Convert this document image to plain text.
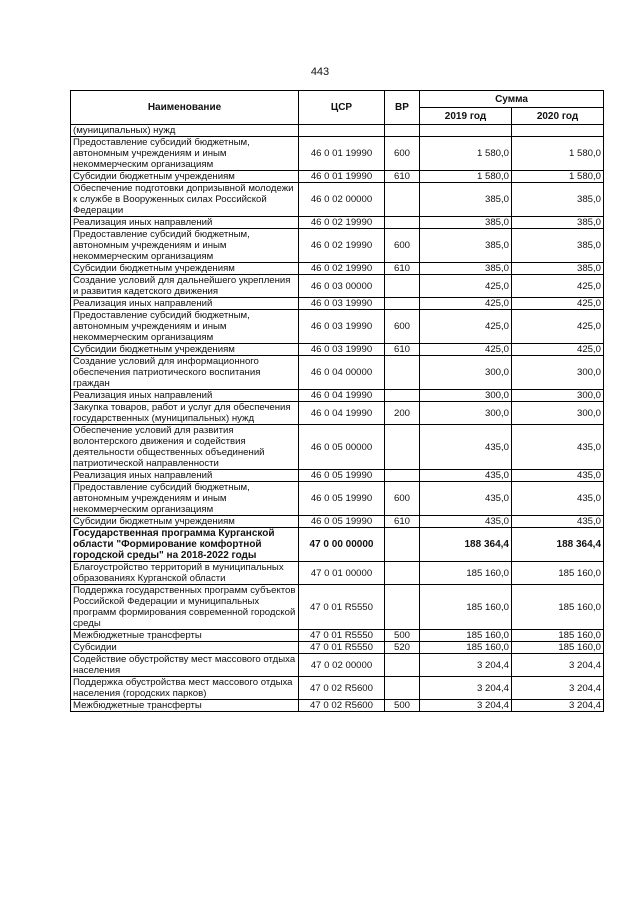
443
Наименование	ЦСР	ВР	Сумма	
			2019 год	2020 год
(муниципальных) нужд				
Предоставление субсидий бюджетным, автономным учреждениям и иным некоммерческим организациям	46 0 01 19990	600	1 580,0	1 580,0
Субсидии бюджетным учреждениям	46 0 01 19990	610	1 580,0	1 580,0
Обеспечение подготовки допризывной молодежи к службе в Вооруженных силах Российской Федерации	46 0 02 00000		385,0	385,0
Реализация иных направлений	46 0 02 19990		385,0	385,0
Предоставление субсидий бюджетным, автономным учреждениям и иным некоммерческим организациям	46 0 02 19990	600	385,0	385,0
Субсидии бюджетным учреждениям	46 0 02 19990	610	385,0	385,0
Создание условий для дальнейшего укрепления и развития кадетского движения	46 0 03 00000		425,0	425,0
Реализация иных направлений	46 0 03 19990		425,0	425,0
Предоставление субсидий бюджетным, автономным учреждениям и иным некоммерческим организациям	46 0 03 19990	600	425,0	425,0
Субсидии бюджетным учреждениям	46 0 03 19990	610	425,0	425,0
Создание условий для информационного обеспечения патриотического воспитания граждан	46 0 04 00000		300,0	300,0
Реализация иных направлений	46 0 04 19990		300,0	300,0
Закупка товаров, работ и услуг для обеспечения государственных (муниципальных) нужд	46 0 04 19990	200	300,0	300,0
Обеспечение условий для развития волонтерского движения и содействия деятельности общественных объединений патриотической направленности	46 0 05 00000		435,0	435,0
Реализация иных направлений	46 0 05 19990		435,0	435,0
Предоставление субсидий бюджетным, автономным учреждениям и иным некоммерческим организациям	46 0 05 19990	600	435,0	435,0
Субсидии бюджетным учреждениям	46 0 05 19990	610	435,0	435,0
Государственная программа Курганской области "Формирование комфортной городской среды" на 2018-2022 годы	47 0 00 00000		188 364,4	188 364,4
Благоустройство территорий в муниципальных образованиях Курганской области	47 0 01 00000		185 160,0	185 160,0
Поддержка государственных программ субъектов Российской Федерации и муниципальных программ формирования современной городской среды	47 0 01 R5550		185 160,0	185 160,0
Межбюджетные трансферты	47 0 01 R5550	500	185 160,0	185 160,0
Субсидии	47 0 01 R5550	520	185 160,0	185 160,0
Содействие обустройству мест массового отдыха населения	47 0 02 00000		3 204,4	3 204,4
Поддержка обустройства мест массового отдыха населения (городских парков)	47 0 02 R5600		3 204,4	3 204,4
Межбюджетные трансферты	47 0 02 R5600	500	3 204,4	3 204,4
